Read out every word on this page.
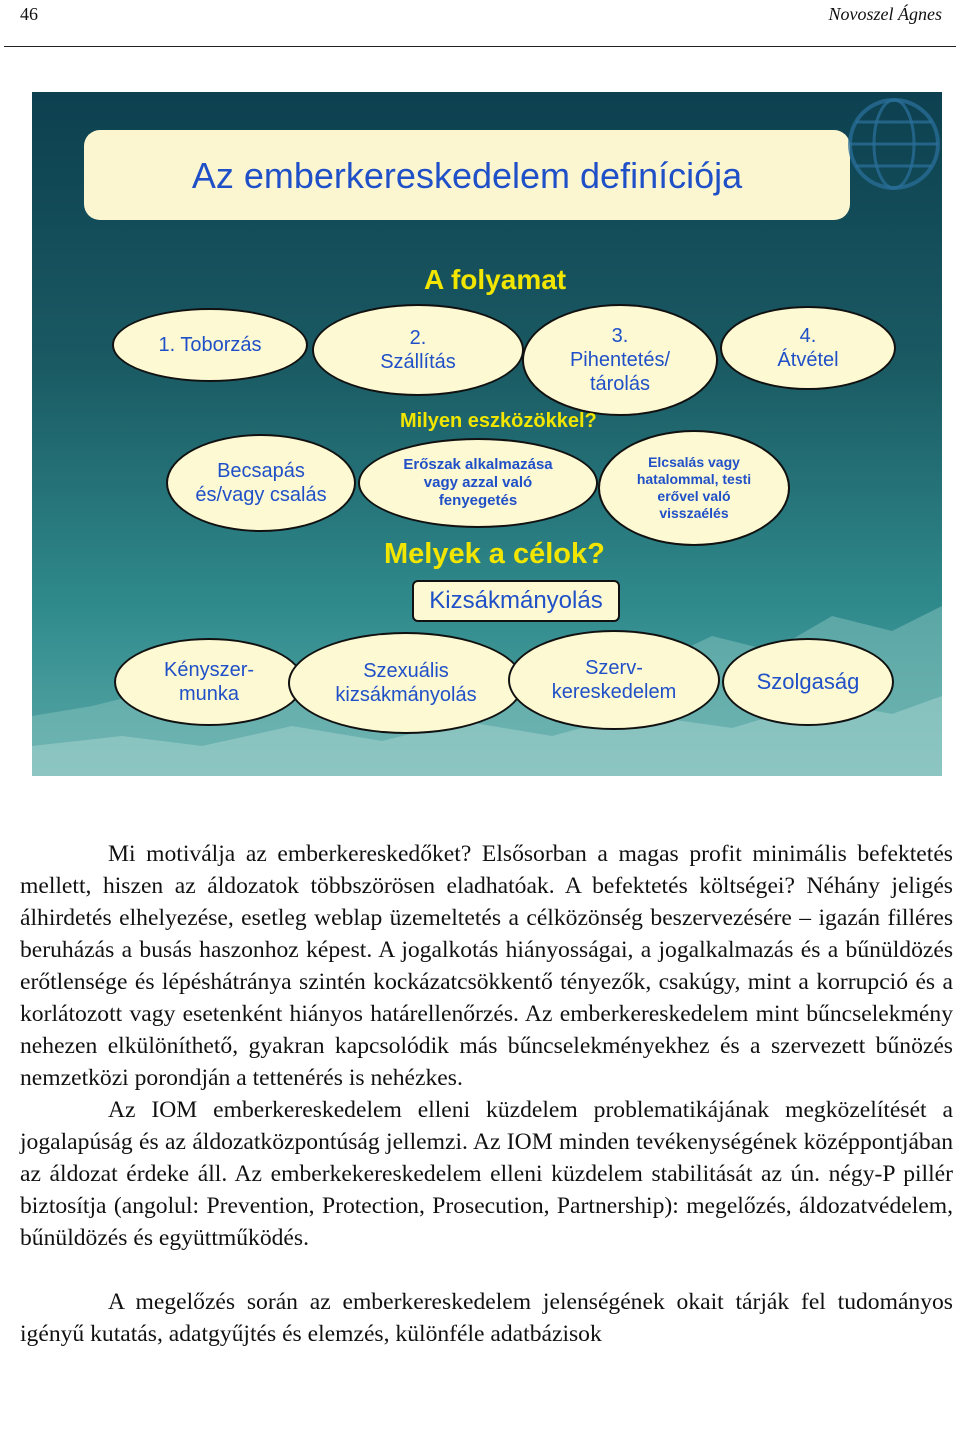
46	Novoszel Ágnes
Az emberkereskedelem definíciója
A folyamat
1. Toborzás	2.
Szállítás
3.
Pihentetés/
tárolás
4.
Átvétel
Milyen eszközökkel?
Becsapás
és/vagy csalás
Erőszak alkalmazása
vagy azzal való
fenyegetés
Elcsalás vagy
hatalommal, testi
erővel való
visszaélés
Melyek a célok?
Kizsákmányolás
Kényszer-
munka
Szexuális
kizsákmányolás
Szerv-
kereskedelem	Szolgaság

Mi motiválja az emberkereskedőket? Elsősorban a magas profit minimális befektetés mellett, hiszen az áldozatok többszörösen eladhatóak. A befektetés költségei? Néhány jeligés álhirdetés elhelyezése, esetleg weblap üzemeltetés a célközönség beszervezésére – igazán filléres beruházás a busás haszonhoz képest. A jogalkotás hiányosságai, a jogalkalmazás és a bűnüldözés erőtlensége és lépéshátránya szintén kockázatcsökkentő tényezők, csakúgy, mint a korrupció és a korlátozott vagy esetenként hiányos határellenőrzés. Az emberkereskedelem mint bűncselekmény nehezen elkülöníthető, gyakran kapcsolódik más bűncselekményekhez és a szervezett bűnözés nemzetközi porondján a tettenérés is nehézkes.

Az IOM emberkereskedelem elleni küzdelem problematikájának megközelítését a jogalapúság és az áldozatközpontúság jellemzi. Az IOM minden tevékenységének középpontjában az áldozat érdeke áll. Az emberkekereskedelem elleni küzdelem stabilitását az ún. négy-P pillér biztosítja (angolul: Prevention, Protection, Prosecution, Partnership): megelőzés, áldozatvédelem, bűnüldözés és együttműködés.

A megelőzés során az emberkereskedelem jelenségének okait tárják fel tudományos igényű kutatás, adatgyűjtés és elemzés, különféle adatbázisok
